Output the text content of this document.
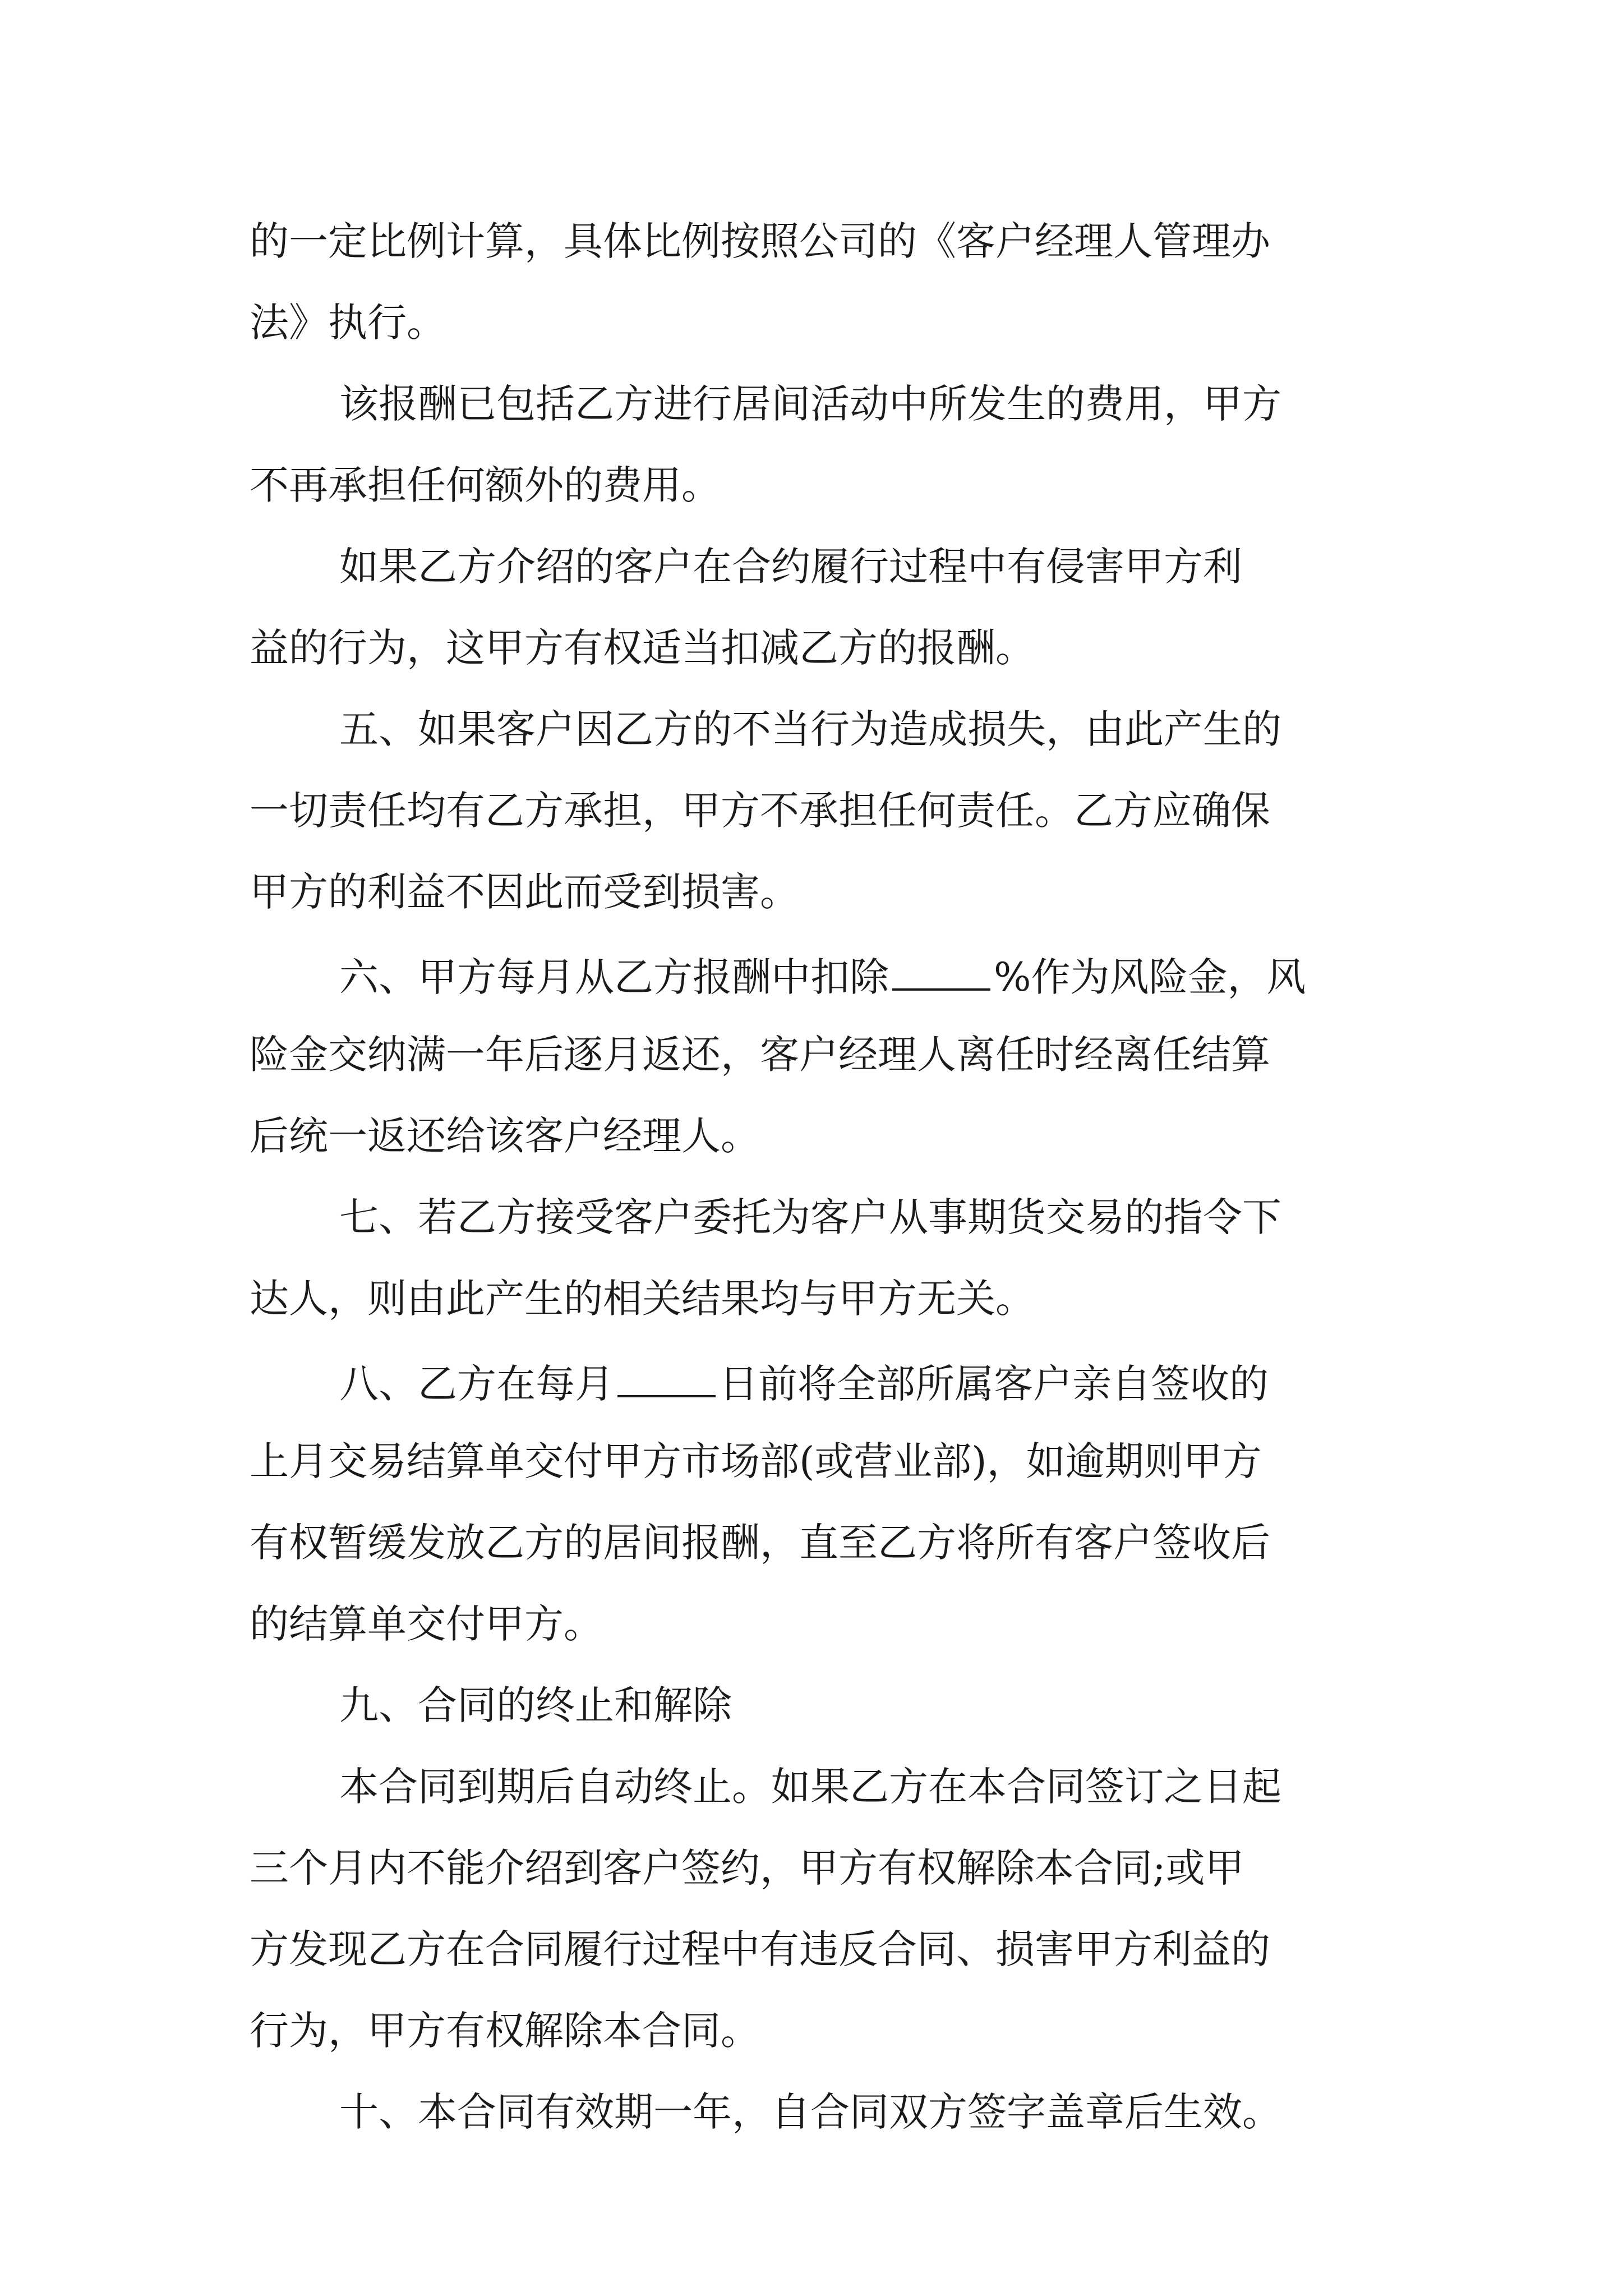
的一定比例计算，具体比例按照公司的《客户经理人管理办
法》执行。
该报酬已包括乙方进行居间活动中所发生的费用，甲方
不再承担任何额外的费用。
如果乙方介绍的客户在合约履行过程中有侵害甲方利
益的行为，这甲方有权适当扣减乙方的报酬。
五、如果客户因乙方的不当行为造成损失，由此产生的
一切责任均有乙方承担，甲方不承担任何责任。乙方应确保
甲方的利益不因此而受到损害。
六、甲方每月从乙方报酬中扣除	%作为风险金，风
险金交纳满一年后逐月返还，客户经理人离任时经离任结算
后统一返还给该客户经理人。
七、若乙方接受客户委托为客户从事期货交易的指令下
达人，则由此产生的相关结果均与甲方无关。
八、乙方在每月	日前将全部所属客户亲自签收的
上月交易结算单交付甲方市场部(或营业部)，如逾期则甲方
有权暂缓发放乙方的居间报酬，直至乙方将所有客户签收后
的结算单交付甲方。
九、合同的终止和解除
本合同到期后自动终止。如果乙方在本合同签订之日起
三个月内不能介绍到客户签约，甲方有权解除本合同;或甲
方发现乙方在合同履行过程中有违反合同、损害甲方利益的
行为，甲方有权解除本合同。
十、本合同有效期一年，自合同双方签字盖章后生效。
